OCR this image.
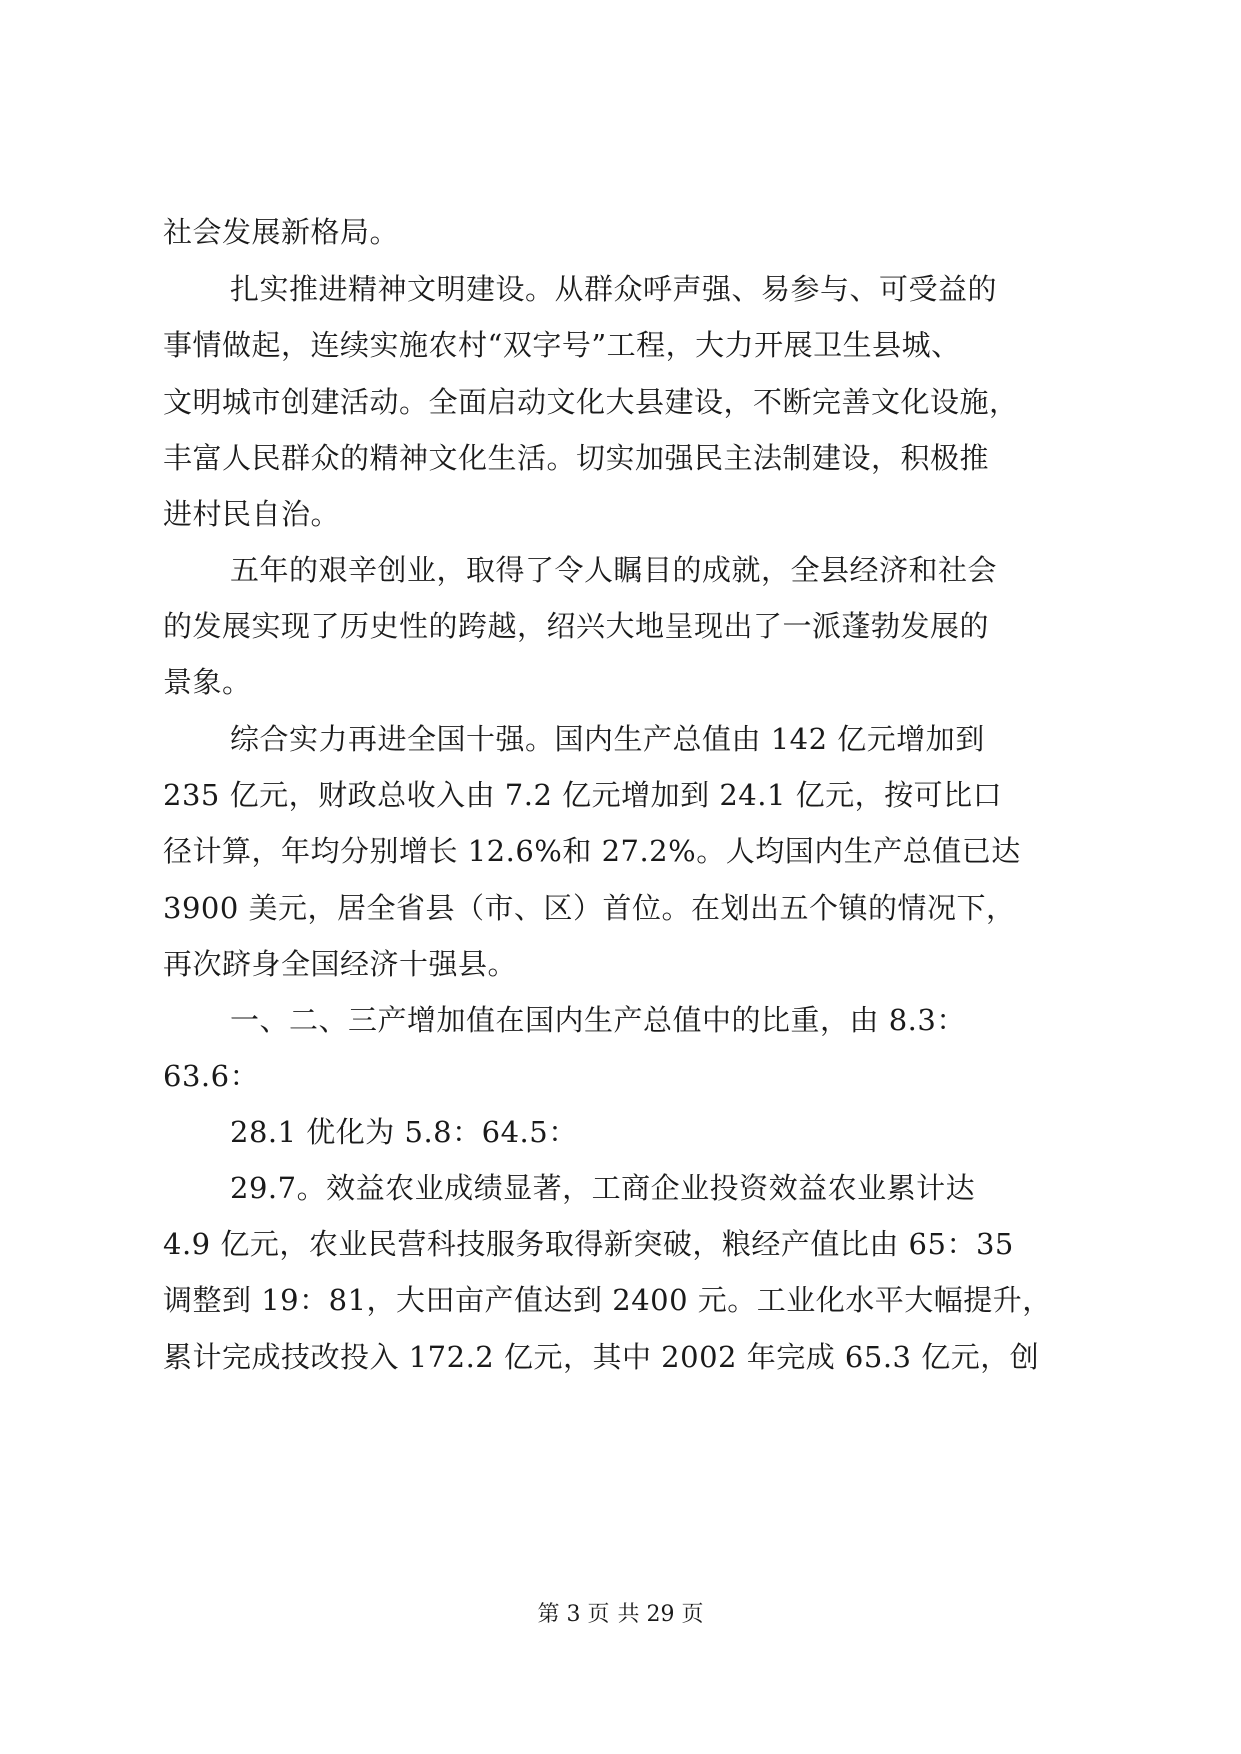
社会发展新格局。
扎实推进精神文明建设。从群众呼声强、易参与、可受益的
事情做起，连续实施农村“双字号”工程，大力开展卫生县城、
文明城市创建活动。全面启动文化大县建设，不断完善文化设施，
丰富人民群众的精神文化生活。切实加强民主法制建设，积极推
进村民自治。
五年的艰辛创业，取得了令人瞩目的成就，全县经济和社会
的发展实现了历史性的跨越，绍兴大地呈现出了一派蓬勃发展的
景象。
综合实力再进全国十强。国内生产总值由 142 亿元增加到
235 亿元，财政总收入由 7.2 亿元增加到 24.1 亿元，按可比口
径计算，年均分别增长 12.6%和 27.2%。人均国内生产总值已达
3900 美元，居全省县（市、区）首位。在划出五个镇的情况下，
再次跻身全国经济十强县。
一、二、三产增加值在国内生产总值中的比重，由 8.3：
63.6：
28.1 优化为 5.8：64.5：
29.7。效益农业成绩显著，工商企业投资效益农业累计达
4.9 亿元，农业民营科技服务取得新突破，粮经产值比由 65：35
调整到 19：81，大田亩产值达到 2400 元。工业化水平大幅提升，
累计完成技改投入 172.2 亿元，其中 2002 年完成 65.3 亿元，创
第 3 页 共 29 页
